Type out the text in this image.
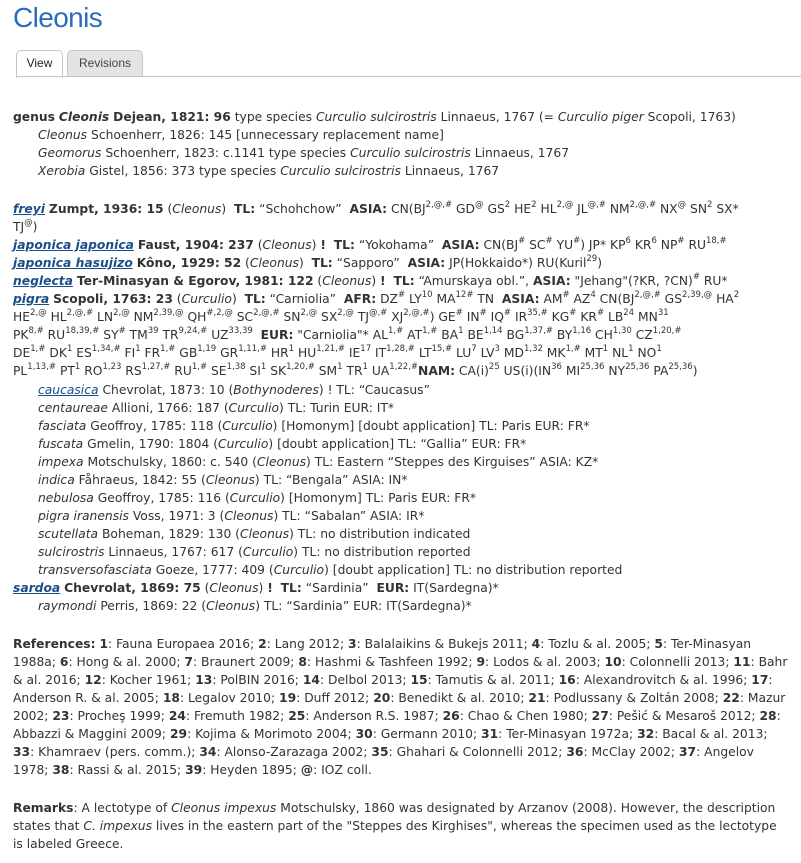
Cleonis
View	Revisions
genus Cleonis Dejean, 1821: 96 type species Curculio sulcirostris Linnaeus, 1767 (= Curculio piger Scopoli, 1763)
Cleonus Schoenherr, 1826: 145 [unnecessary replacement name]
Geomorus Schoenherr, 1823: c.1141 type species Curculio sulcirostris Linnaeus, 1767
Xerobia Gistel, 1856: 373 type species Curculio sulcirostris Linnaeus, 1767
freyi Zumpt, 1936: 15 (Cleonus)  TL: “Schohchow” ASIA: $CN(BJ^{2,@,\#}$ GD@ $GS^2$ $HE^2$ $HL^{2,@}$ JL@,# $NM^{2,@,\#}$ NX@ $SN^2$ SX*
TJ@)
japonica japonica Faust, 1904: 237 (Cleonus) ! TL: “Yokohama” ASIA: CN(BJ# SC# YU#) JP* $KP^6$ $KR^6$ NP# $RU^{18,\#}$
japonica hasujizo Kôno, 1929: 52 (Cleonus)  TL: “Sapporo” ASIA: JP(Hokkaido*) RU(Kuril$^{29}$)
neglecta Ter-Minasyan & Egorov, 1981: 122 (Cleonus) ! TL: “Amurskaya obl.”, ASIA: "Jehang"(?KR, ?CN)# RU*
pigra Scopoli, 1763: 23 (Curculio)  TL: “Carniolia” AFR: DZ# LY$^{10}$ $MA^{12\#}$ TN  ASIA: AM# $AZ^4$ $CN(BJ^{2,@,\#}$ $GS^{2,39,@}$ $HA^2$
$HE^{2,@}$ $HL^{2,@,\#}$ $LN^{2,@}$ $NM^{2,39,@}$ $QH^{\#,2,@}$ $SC^{2,@,\#}$ $SN^{2,@}$ $SX^{2,@}$ TJ@,# $XJ^{2,@,\#}$) GE# IN# IQ# $IR^{35,\#}$ KG# KR# LB$^{24}$ MN$^{31}$
$PK^{8,\#}$ $RU^{18,39,\#}$ SY# TM$^{39}$ $TR^{9,24,\#}$ UZ$^{33,39}$ EUR: "Carniolia"* $AL^{1,\#}$ $AT^{1,\#}$ $BA^1$ BE$^{1,14}$ $BG^{1,37,\#}$ BY$^{1,16}$ CH$^{1,30}$ $CZ^{1,20,\#}$
$DE^{1,\#}$ $DK^1$ $ES^{1,34,\#}$ $FI^1$ $FR^{1,\#}$ GB$^{1,19}$ $GR^{1,11,\#}$ $HR^1$ $HU^{1,21,\#}$ IE$^{17}$ $IT^{1,28,\#}$ $LT^{15,\#}$ $LU^7$ $LV^3$ MD$^{1,32}$ $MK^{1,\#}$ $MT^1$ $NL^1$ $NO^1$
$PL^{1,13,\#}$ $PT^1$ RO$^{1,23}$ $RS^{1,27,\#}$ $RU^{1,\#}$ SE$^{1,38}$ $SI^1$ $SK^{1,20,\#}$ $SM^1$ $TR^1$ $UA^{1,22,\#}NAM$: $CA(i)^{25}$ US(i)(IN$^{36}$ MI$^{25,36}$ NY$^{25,36}$ PA$^{25,36}$)
caucasica Chevrolat, 1873: 10 (Bothynoderes) ! TL: “Caucasus”
centaureae Allioni, 1766: 187 (Curculio) TL: Turin EUR: IT*
fasciata Geoffroy, 1785: 118 (Curculio) [Homonym] [doubt application] TL: Paris EUR: FR*
fuscata Gmelin, 1790: 1804 (Curculio) [doubt application] TL: “Gallia” EUR: FR*
impexa Motschulsky, 1860: c. 540 (Cleonus) TL: Eastern “Steppes des Kirguises” ASIA: KZ*
indica Fåhraeus, 1842: 55 (Cleonus) TL: “Bengala” ASIA: IN*
nebulosa Geoffroy, 1785: 116 (Curculio) [Homonym] TL: Paris EUR: FR*
pigra iranensis Voss, 1971: 3 (Cleonus) TL: “Sabalan” ASIA: IR*
scutellata Boheman, 1829: 130 (Cleonus) TL: no distribution indicated
sulcirostris Linnaeus, 1767: 617 (Curculio) TL: no distribution reported
transversofasciata Goeze, 1777: 409 (Curculio) [doubt application] TL: no distribution reported
sardoa Chevrolat, 1869: 75 (Cleonus) ! TL: “Sardinia” EUR: IT(Sardegna)*
raymondi Perris, 1869: 22 (Cleonus) TL: “Sardinia” EUR: IT(Sardegna)*
References: 1: Fauna Europaea 2016; 2: Lang 2012; 3: Balalaikins & Bukejs 2011; 4: Tozlu & al. 2005; 5: Ter-Minasyan 1988a; 6: Hong & al. 2000; 7: Braunert 2009; 8: Hashmi & Tashfeen 1992; 9: Lodos & al. 2003; 10: Colonnelli 2013; 11: Bahr & al. 2016; 12: Kocher 1961; 13: PolBIN 2016; 14: Delbol 2013; 15: Tamutis & al. 2011; 16: Alexandrovitch & al. 1996; 17: Anderson R. & al. 2005; 18: Legalov 2010; 19: Duff 2012; 20: Benedikt & al. 2010; 21: Podlussany & Zoltán 2008; 22: Mazur 2002; 23: Procheş 1999; 24: Fremuth 1982; 25: Anderson R.S. 1987; 26: Chao & Chen 1980; 27: Pešić & Mesaroš 2012; 28: Abbazzi & Maggini 2009; 29: Kojima & Morimoto 2004; 30: Germann 2010; 31: Ter-Minasyan 1972a; 32: Bacal & al. 2013; 33: Khamraev (pers. comm.); 34: Alonso-Zarazaga 2002; 35: Ghahari & Colonnelli 2012; 36: McClay 2002; 37: Angelov 1978; 38: Rassi & al. 2015; 39: Heyden 1895; @: IOZ coll.
Remarks: A lectotype of Cleonus impexus Motschulsky, 1860 was designated by Arzanov (2008). However, the description states that C. impexus lives in the eastern part of the "Steppes des Kirghises", whereas the specimen used as the lectotype is labeled Greece.
